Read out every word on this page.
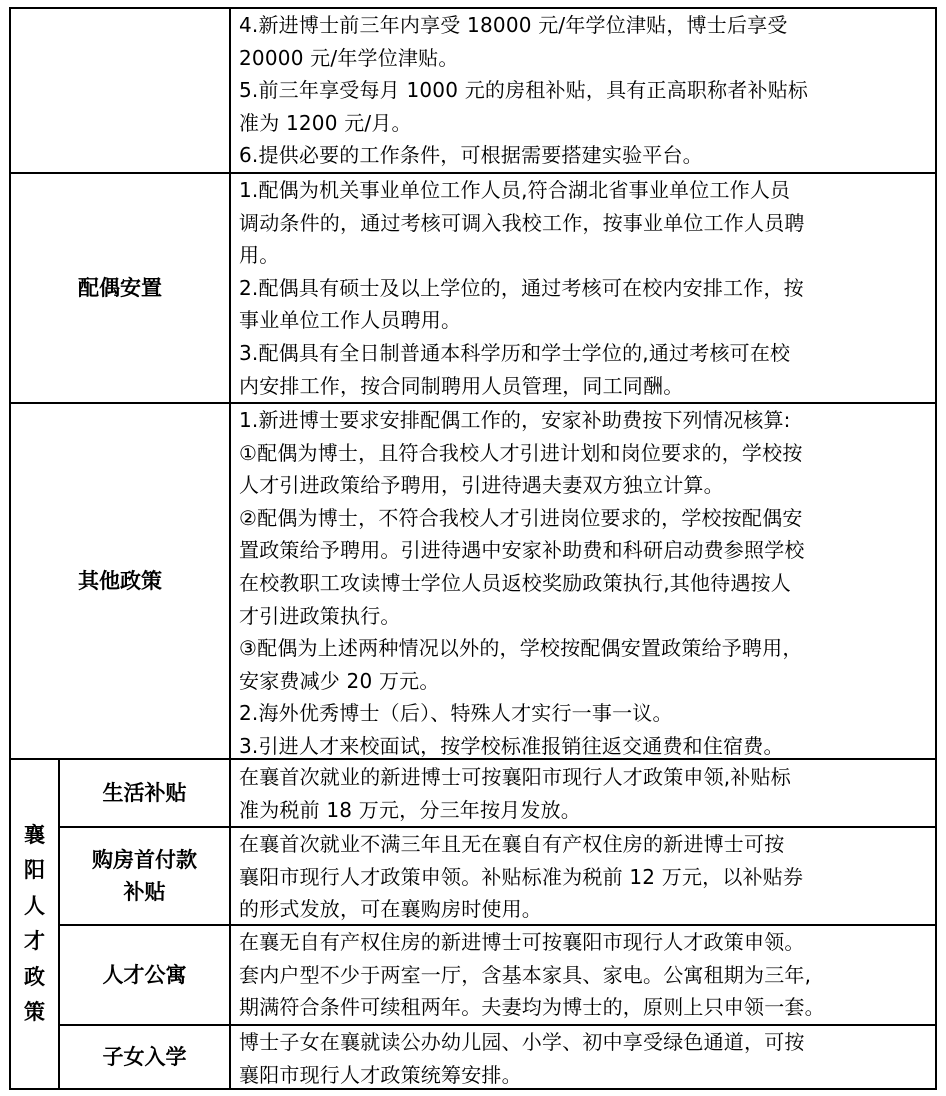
4.新进博士前三年内享受 18000 元/年学位津贴，博士后享受
20000 元/年学位津贴。
5.前三年享受每月 1000 元的房租补贴，具有正高职称者补贴标
准为 1200 元/月。
6.提供必要的工作条件，可根据需要搭建实验平台。
配偶安置
1.配偶为机关事业单位工作人员,符合湖北省事业单位工作人员
调动条件的，通过考核可调入我校工作，按事业单位工作人员聘
用。
2.配偶具有硕士及以上学位的，通过考核可在校内安排工作，按
事业单位工作人员聘用。
3.配偶具有全日制普通本科学历和学士学位的,通过考核可在校
内安排工作，按合同制聘用人员管理，同工同酬。
其他政策
1.新进博士要求安排配偶工作的，安家补助费按下列情况核算:
①配偶为博士，且符合我校人才引进计划和岗位要求的，学校按
人才引进政策给予聘用，引进待遇夫妻双方独立计算。
②配偶为博士，不符合我校人才引进岗位要求的，学校按配偶安
置政策给予聘用。引进待遇中安家补助费和科研启动费参照学校
在校教职工攻读博士学位人员返校奖励政策执行,其他待遇按人
才引进政策执行。
③配偶为上述两种情况以外的，学校按配偶安置政策给予聘用，
安家费减少 20 万元。
2.海外优秀博士（后）、特殊人才实行一事一议。
3.引进人才来校面试，按学校标准报销往返交通费和住宿费。
襄
阳
人
才
政
策
生活补贴
在襄首次就业的新进博士可按襄阳市现行人才政策申领,补贴标
准为税前 18 万元，分三年按月发放。
购房首付款
补贴
在襄首次就业不满三年且无在襄自有产权住房的新进博士可按
襄阳市现行人才政策申领。补贴标准为税前 12 万元，以补贴券
的形式发放，可在襄购房时使用。
人才公寓
在襄无自有产权住房的新进博士可按襄阳市现行人才政策申领。
套内户型不少于两室一厅，含基本家具、家电。公寓租期为三年,
期满符合条件可续租两年。夫妻均为博士的，原则上只申领一套。
子女入学
博士子女在襄就读公办幼儿园、小学、初中享受绿色通道，可按
襄阳市现行人才政策统筹安排。
